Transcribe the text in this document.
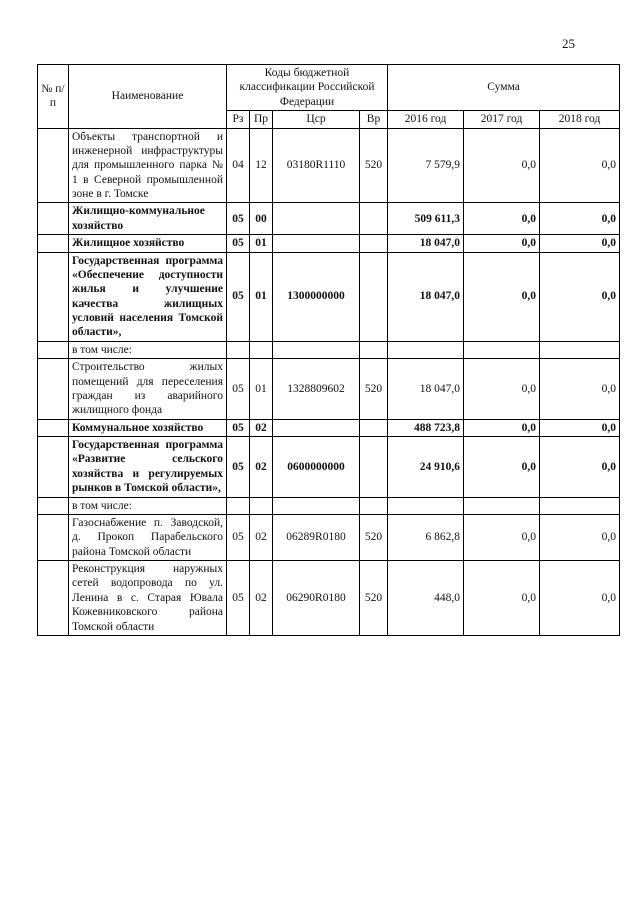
25
№ п/п	Наименование	Коды бюджетной классификации Российской Федерации				Сумма		
		Рз	Пр	Цср	Вр	2016 год	2017 год	2018 год
	Объекты транспортной и инженерной инфраструктуры для промышленного парка № 1 в Северной промышленной зоне в г. Томске	04	12	03180R1110	520	7 579,9	0,0	0,0
	Жилищно-коммунальное хозяйство	05	00			509 611,3	0,0	0,0
	Жилищное хозяйство	05	01			18 047,0	0,0	0,0
	Государственная программа «Обеспечение доступности жилья и улучшение качества жилищных условий населения Томской области»,	05	01	1300000000		18 047,0	0,0	0,0
	в том числе:							
	Строительство жилых помещений для переселения граждан из аварийного жилищного фонда	05	01	1328809602	520	18 047,0	0,0	0,0
	Коммунальное хозяйство	05	02			488 723,8	0,0	0,0
	Государственная программа «Развитие сельского хозяйства и регулируемых рынков в Томской области»,	05	02	0600000000		24 910,6	0,0	0,0
	в том числе:							
	Газоснабжение п. Заводской, д. Прокоп Парабельского района Томской области	05	02	06289R0180	520	6 862,8	0,0	0,0
	Реконструкция наружных сетей водопровода по ул. Ленина в с. Старая Ювала Кожевниковского района Томской области	05	02	06290R0180	520	448,0	0,0	0,0
